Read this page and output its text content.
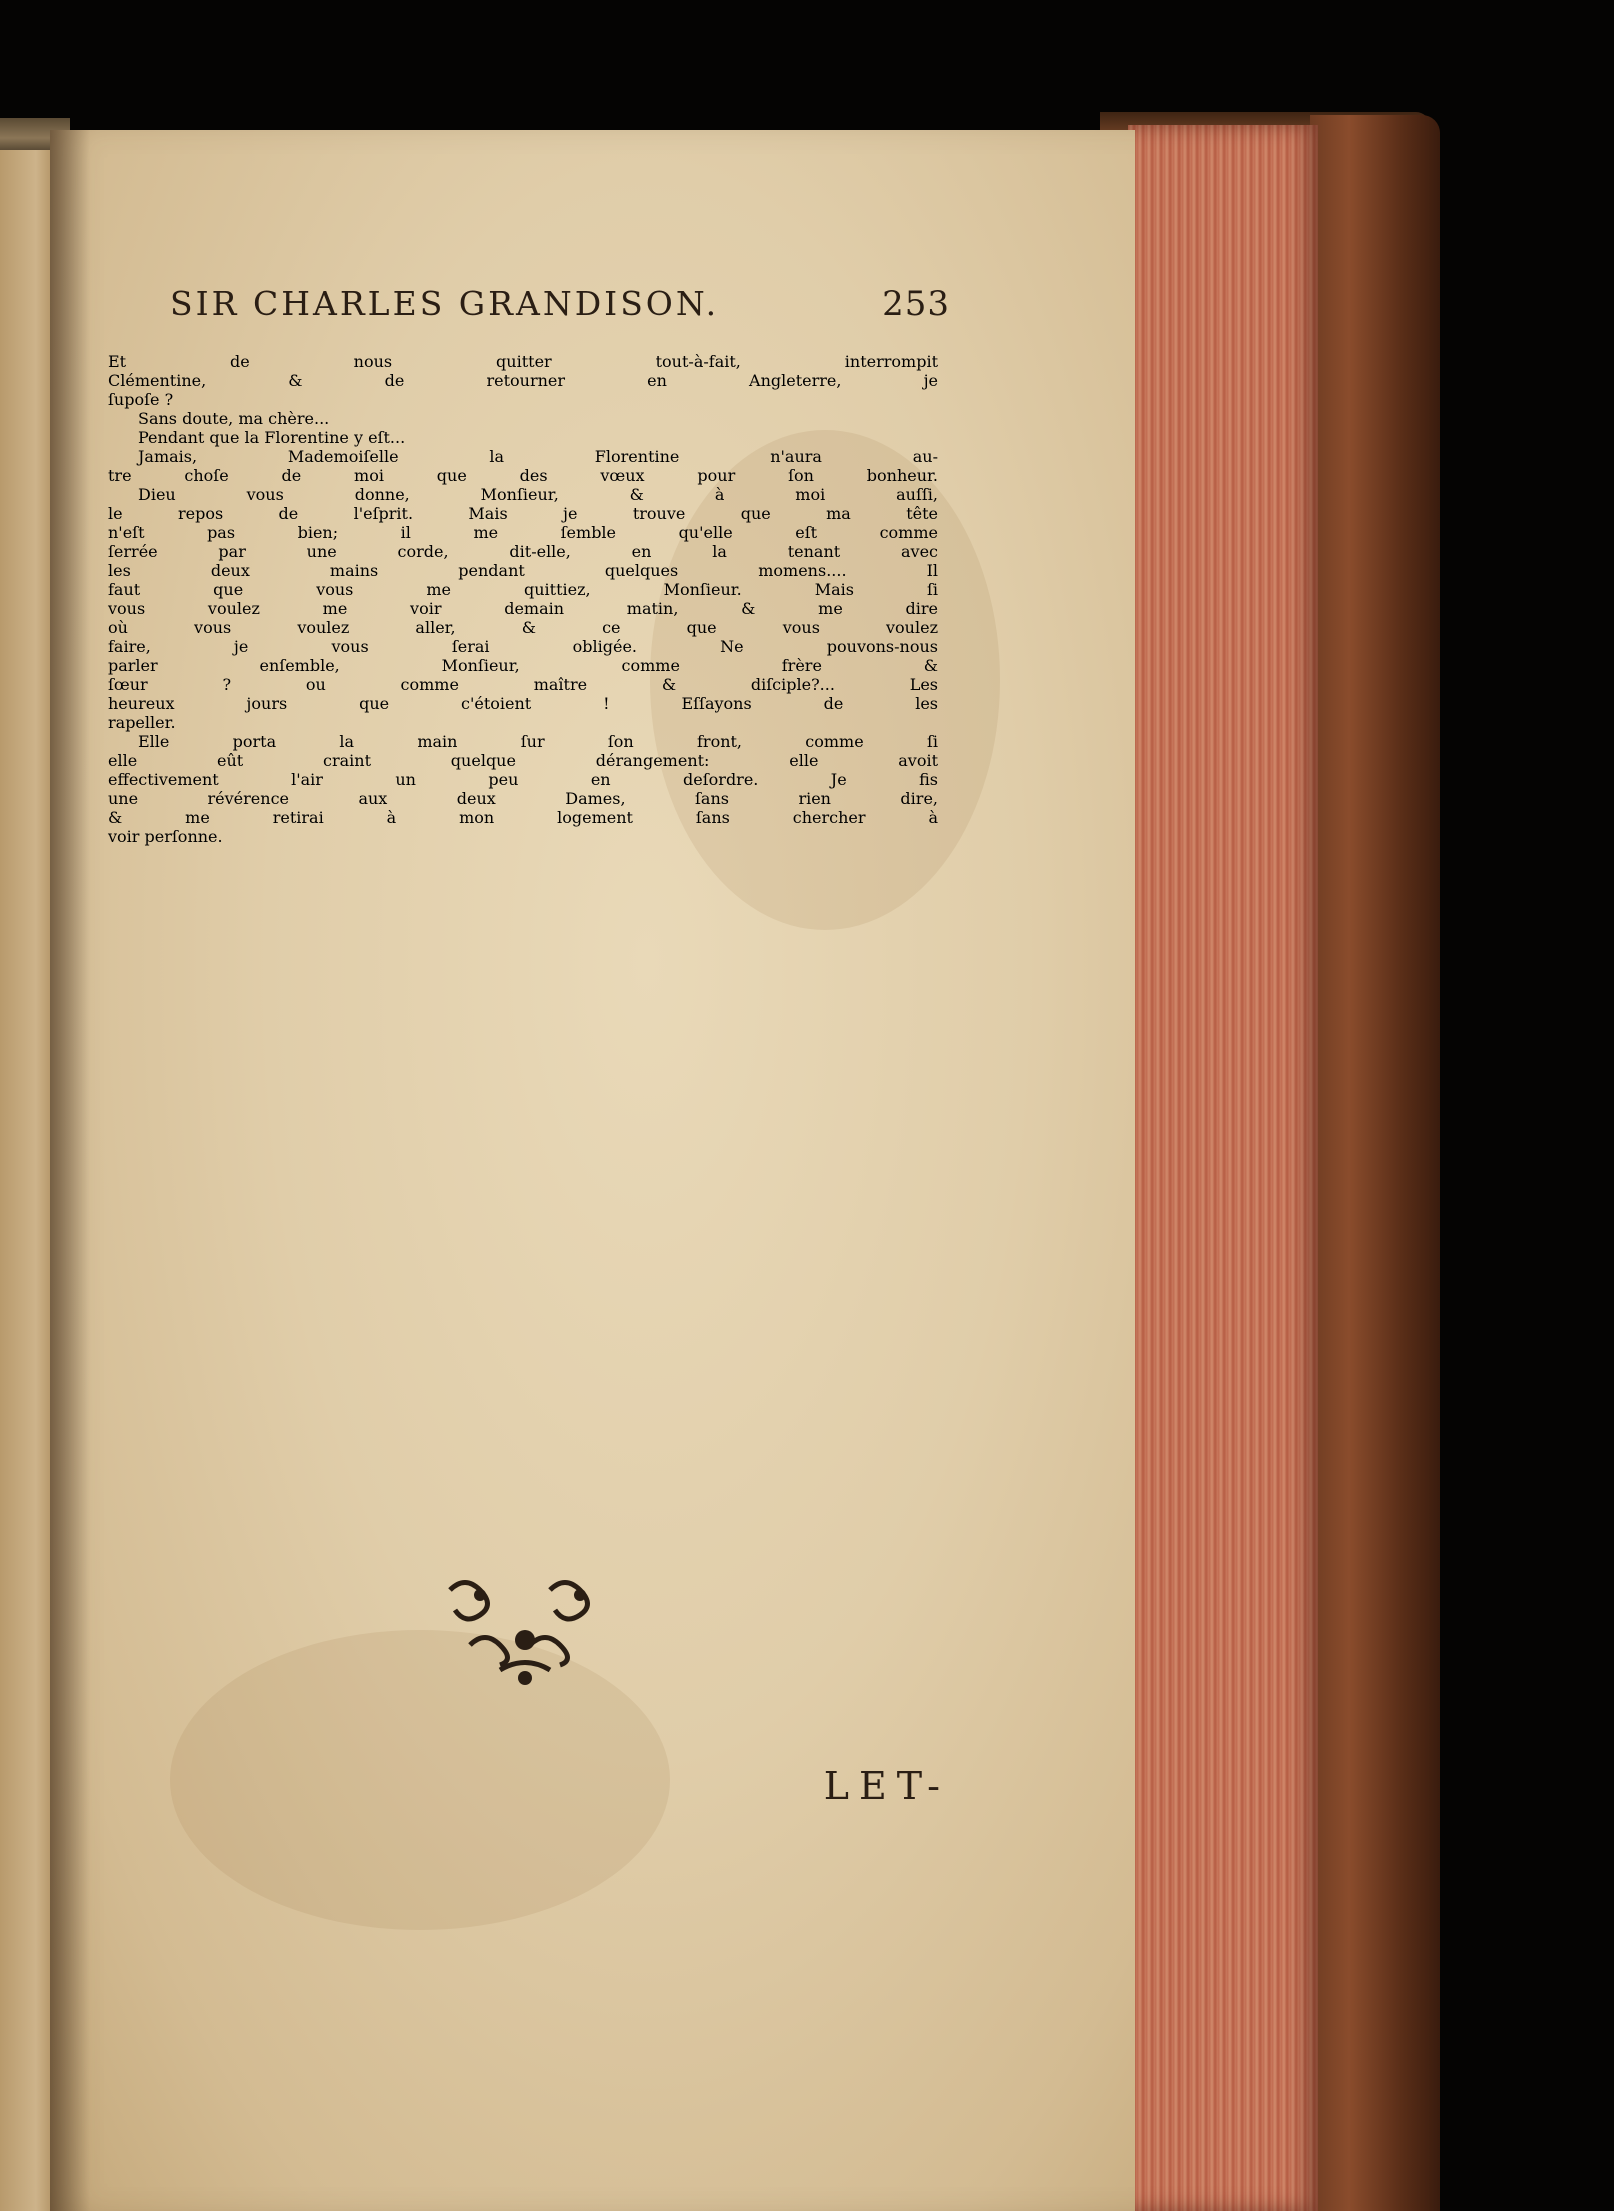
SIR CHARLES GRANDISON.	253
Et de nous quitter tout-à-fait, interrompit
Clémentine, & de retourner en Angleterre, je
ſupoſe ?
Sans doute, ma chère...
Pendant que la Florentine y eſt...
Jamais, Mademoiſelle la Florentine n'aura au-
tre choſe de moi que des vœux pour ſon bonheur.
Dieu vous donne, Monſieur, & à moi auſſi,
le repos de l'eſprit. Mais je trouve que ma tête
n'eſt pas bien; il me ſemble qu'elle eſt comme
ſerrée par une corde, dit-elle, en la tenant avec
les deux mains pendant quelques momens.... Il
faut que vous me quittiez, Monſieur. Mais ſi
vous voulez me voir demain matin, & me dire
où vous voulez aller, & ce que vous voulez
faire, je vous ſerai obligée. Ne pouvons-nous
parler enſemble, Monſieur, comme frère &
ſœur ? ou comme maître & diſciple?... Les
heureux jours que c'étoient ! Eſſayons de les
rapeller.
Elle porta la main ſur ſon front, comme ſi
elle eût craint quelque dérangement: elle avoit
effectivement l'air un peu en deſordre. Je fis
une révérence aux deux Dames, ſans rien dire,
& me retirai à mon logement ſans chercher à
voir perſonne.
LET-
